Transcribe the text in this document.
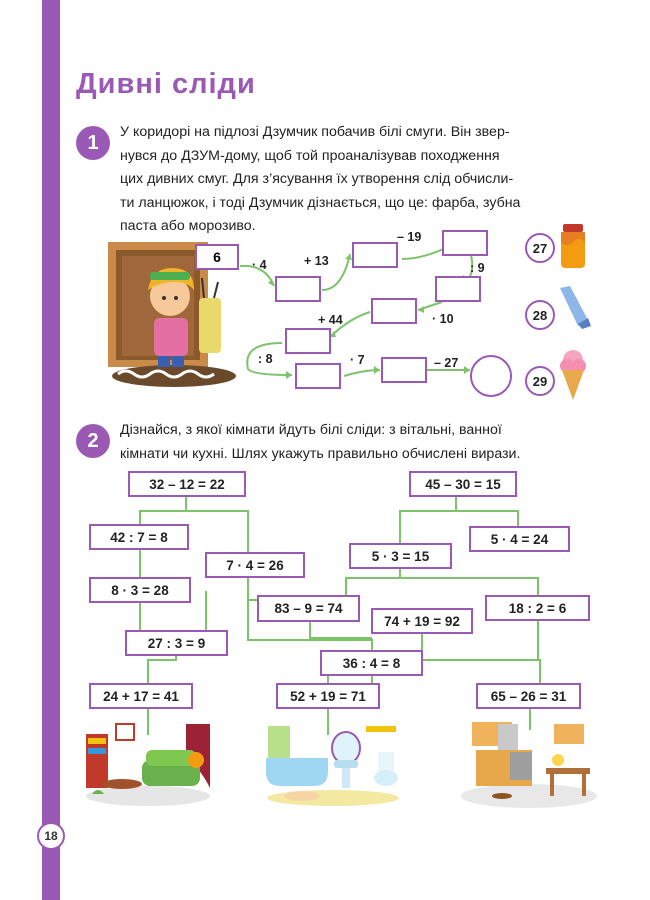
18
Дивні сліди
1	У коридорі на підлозі Дзумчик побачив білі смуги. Він звер-
нувся до ДЗУМ-дому, щоб той проаналізував походження
цих дивних смуг. Для з’ясування їх утворення слід обчисли-
ти ланцюжок, і тоді Дзумчик дізнається, що це: фарба, зубна
паста або морозиво.
6 · 4	+ 13
– 19
: 9
· 10
+ 44
: 8	· 7	– 27
27
28
29
2	Дізнайся, з якої кімнати йдуть білі сліди: з вітальні, ванної
кімнати чи кухні. Шлях укажуть правильно обчислені вирази.
32 – 12 = 22	45 – 30 = 15
42 : 7 = 8
7 · 4 = 26
5 · 3 = 15
5 · 4 = 24
8 · 3 = 28
83 – 9 = 74
74 + 19 = 92
18 : 2 = 6
27 : 3 = 9
36 : 4 = 8
24 + 17 = 41	52 + 19 = 71	65 – 26 = 31
